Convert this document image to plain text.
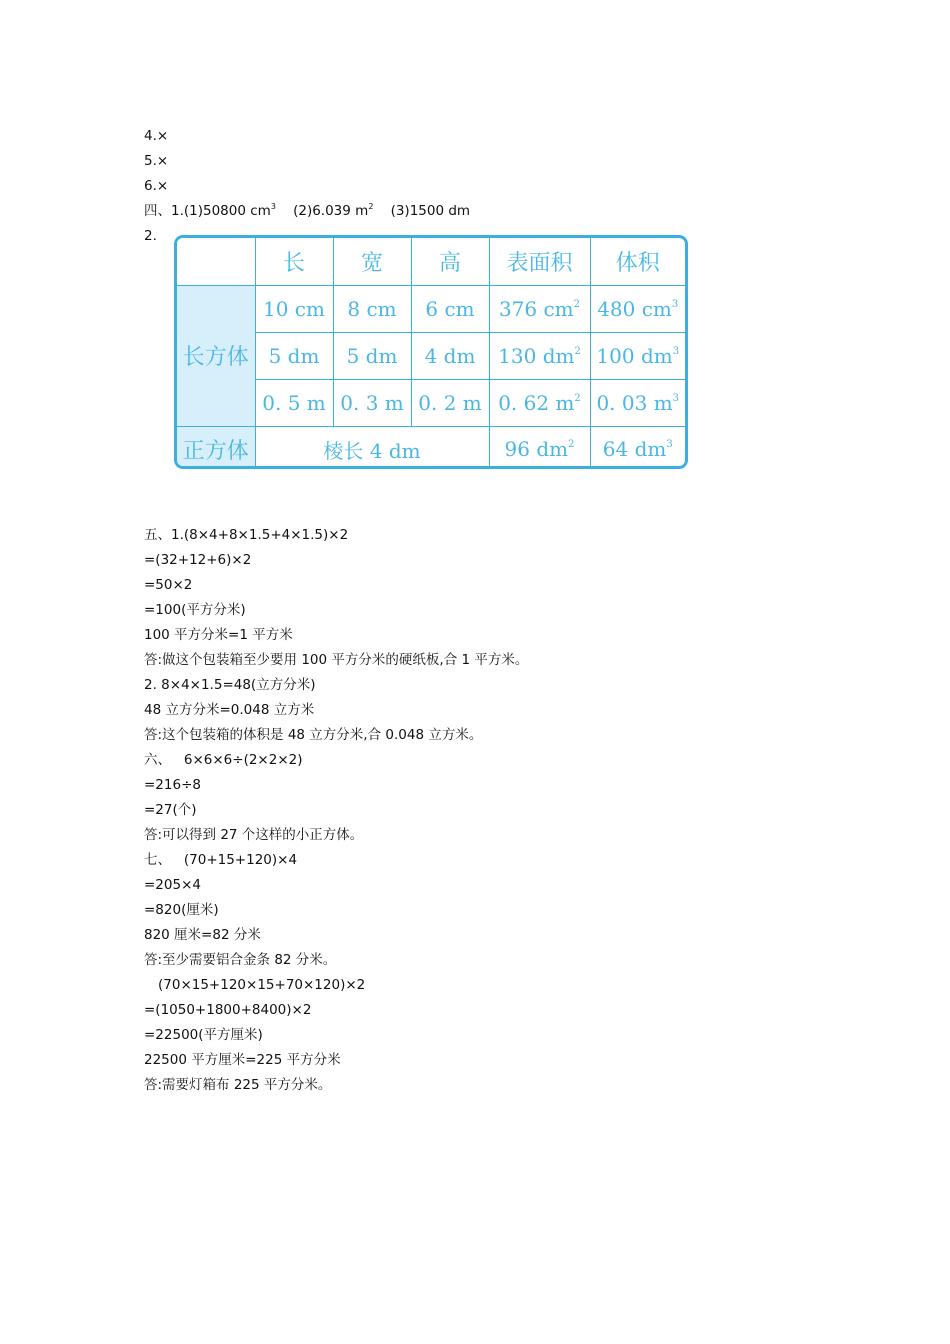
4.×
5.×
6.×
四、1.(1)50800 $cm^3$    (2)6.039 $m^2$    (3)1500 dm
2.
	长	宽	高	表面积	体积
长方体	10 cm	8 cm	6 cm	376 $cm^2$	480 $cm^3$
	5 dm	5 dm	4 dm	130 $dm^2$	100 $dm^3$
	0. 5 m	0. 3 m	0. 2 m	0. 62 $m^2$	0. 03 $m^3$
正方体	棱长 4 dm			96 $dm^2$	64 $dm^3$
五、1.(8×4+8×1.5+4×1.5)×2
=(32+12+6)×2
=50×2
=100(平方分米)
100 平方分米=1 平方米
答:做这个包装箱至少要用 100 平方分米的硬纸板,合 1 平方米。
2. 8×4×1.5=48(立方分米)
48 立方分米=0.048 立方米
答:这个包装箱的体积是 48 立方分米,合 0.048 立方米。
六、   6×6×6÷(2×2×2)
=216÷8
=27(个)
答:可以得到 27 个这样的小正方体。
七、   (70+15+120)×4
=205×4
=820(厘米)
820 厘米=82 分米
答:至少需要铝合金条 82 分米。
(70×15+120×15+70×120)×2
=(1050+1800+8400)×2
=22500(平方厘米)
22500 平方厘米=225 平方分米
答:需要灯箱布 225 平方分米。
